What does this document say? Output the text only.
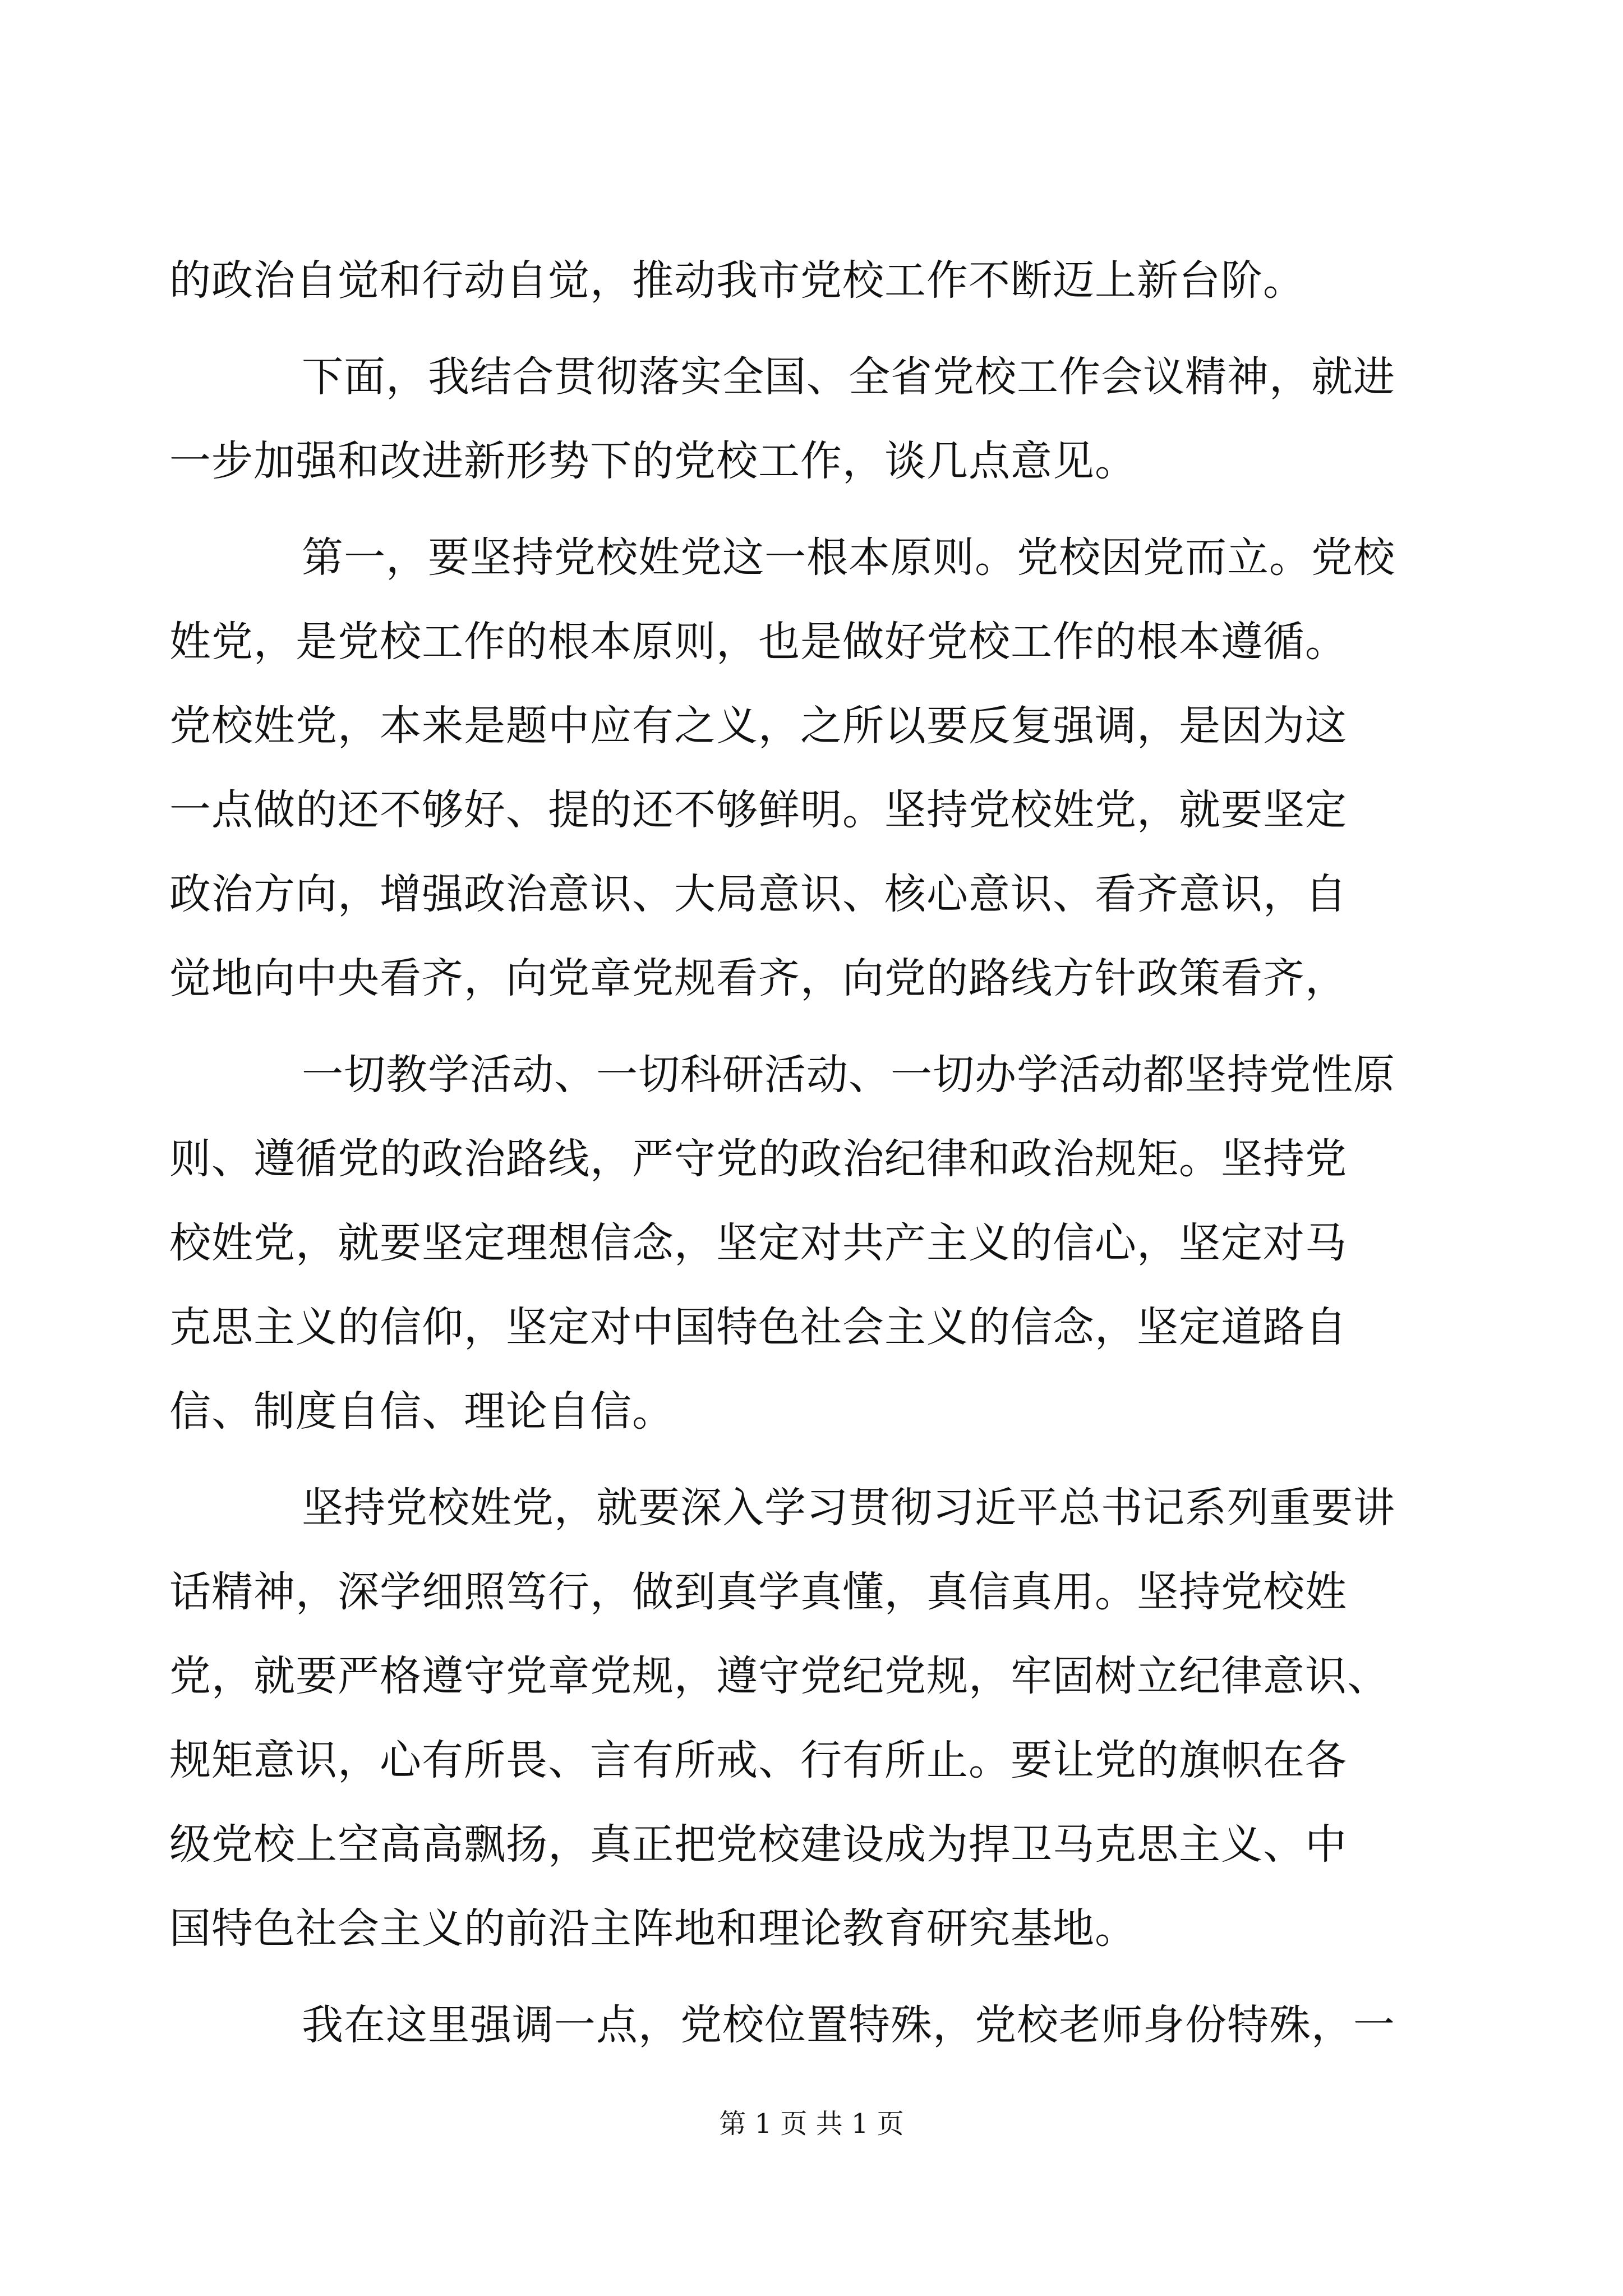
的政治自觉和行动自觉，推动我市党校工作不断迈上新台阶。
下面，我结合贯彻落实全国、全省党校工作会议精神，就进
一步加强和改进新形势下的党校工作，谈几点意见。
第一，要坚持党校姓党这一根本原则。党校因党而立。党校
姓党，是党校工作的根本原则，也是做好党校工作的根本遵循。
党校姓党，本来是题中应有之义，之所以要反复强调，是因为这
一点做的还不够好、提的还不够鲜明。坚持党校姓党，就要坚定
政治方向，增强政治意识、大局意识、核心意识、看齐意识，自
觉地向中央看齐，向党章党规看齐，向党的路线方针政策看齐，
一切教学活动、一切科研活动、一切办学活动都坚持党性原
则、遵循党的政治路线，严守党的政治纪律和政治规矩。坚持党
校姓党，就要坚定理想信念，坚定对共产主义的信心，坚定对马
克思主义的信仰，坚定对中国特色社会主义的信念，坚定道路自
信、制度自信、理论自信。
坚持党校姓党，就要深入学习贯彻习近平总书记系列重要讲
话精神，深学细照笃行，做到真学真懂，真信真用。坚持党校姓
党，就要严格遵守党章党规，遵守党纪党规，牢固树立纪律意识、
规矩意识，心有所畏、言有所戒、行有所止。要让党的旗帜在各
级党校上空高高飘扬，真正把党校建设成为捍卫马克思主义、中
国特色社会主义的前沿主阵地和理论教育研究基地。
我在这里强调一点，党校位置特殊，党校老师身份特殊，一
第 1 页 共 1 页
